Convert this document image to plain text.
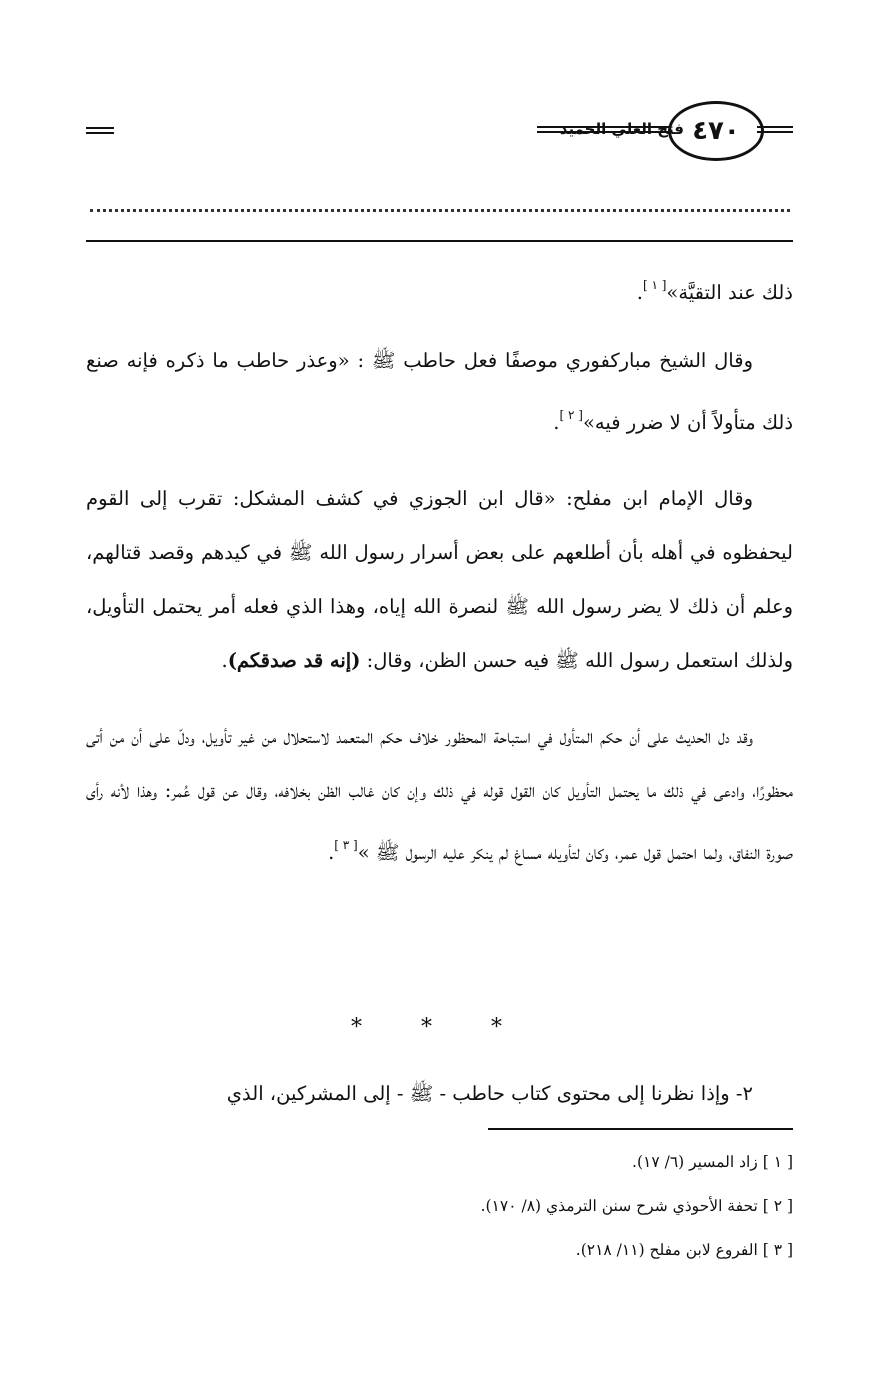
فتح العلي الحميد ٤٧٠

ذلك عند التقيَّة»[ ١ ].

وقال الشيخ مباركفوري موصفًا فعل حاطب ﷺ : «وعذر حاطب ما ذكره فإنه صنع ذلك متأولاً أن لا ضرر فيه»[ ٢ ].

وقال الإمام ابن مفلح: «قال ابن الجوزي في كشف المشكل: تقرب إلى القوم ليحفظوه في أهله بأن أطلعهم على بعض أسرار رسول الله ﷺ في كيدهم وقصد قتالهم، وعلم أن ذلك لا يضر رسول الله ﷺ لنصرة الله إياه، وهذا الذي فعله أمر يحتمل التأويل، ولذلك استعمل رسول الله ﷺ فيه حسن الظن، وقال: (إنه قد صدقكم).

وقد دل الحديث على أن حكم المتأول في استباحة المحظور خلاف حكم المتعمد لاستحلال من غير تأويل، ودلّ على أن من أتى محظورًا، وادعى في ذلك ما يحتمل التأويل كان القول قوله في ذلك وإن كان غالب الظن بخلافه، وقال عن قول عُمر: وهذا لأنه رأى صورة النفاق، ولما احتمل قول عمر، وكان لتأويله مساغ لم ينكر عليه الرسول ﷺ »[ ٣ ].

* * *
٢- وإذا نظرنا إلى محتوى كتاب حاطب - ﷺ - إلى المشركين، الذي
[ ١ ] زاد المسير (٦/ ١٧).
[ ٢ ] تحفة الأحوذي شرح سنن الترمذي (٨/ ١٧٠).
[ ٣ ] الفروع لابن مفلح (١١/ ٢١٨).
